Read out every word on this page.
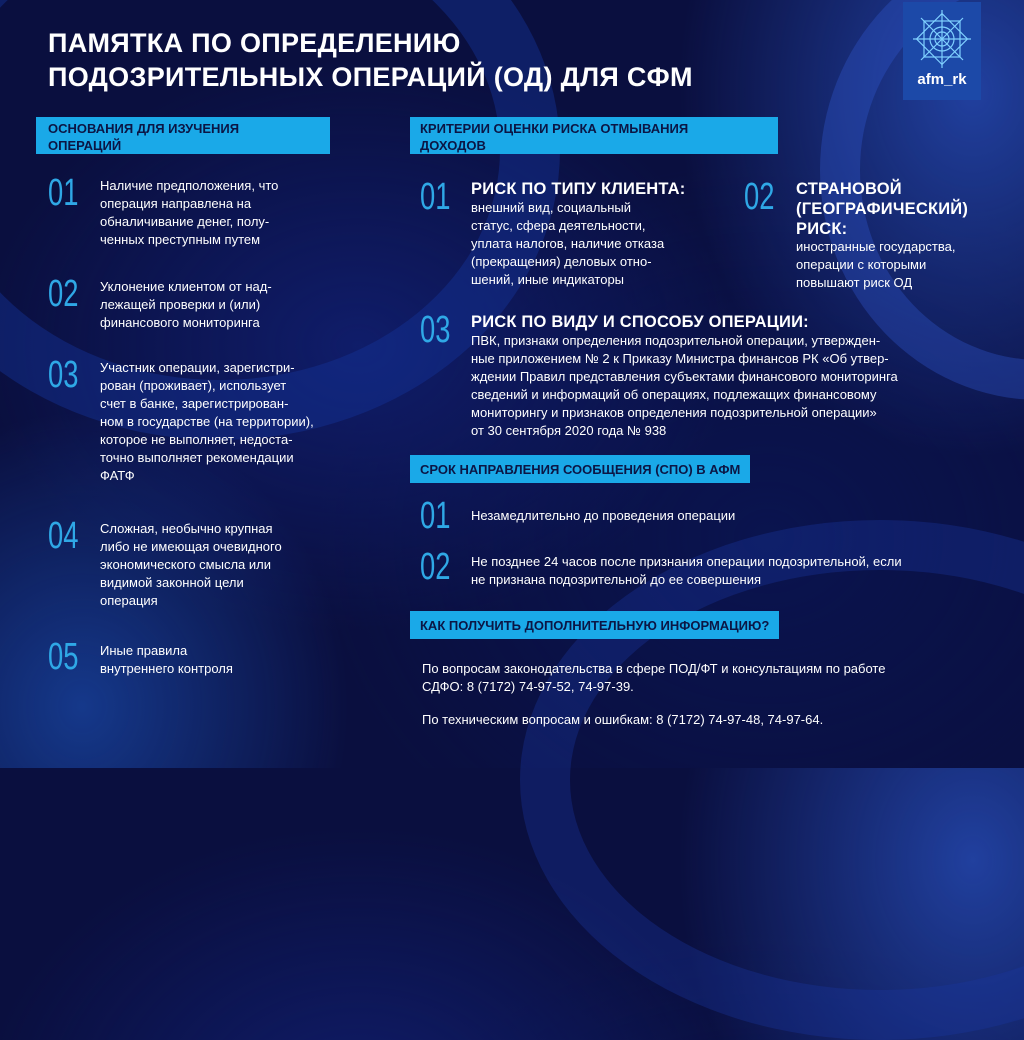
ПАМЯТКА ПО ОПРЕДЕЛЕНИЮ
ПОДОЗРИТЕЛЬНЫХ ОПЕРАЦИЙ (ОД) ДЛЯ СФМ	afm_rk
ОСНОВАНИЯ ДЛЯ ИЗУЧЕНИЯ
ОПЕРАЦИЙ
01 Наличие предположения, что
операция направлена на
обналичивание денег, полу-
ченных преступным путем
02 Уклонение клиентом от над-
лежащей проверки и (или)
финансового мониторинга
03 Участник операции, зарегистри-
рован (проживает), использует
счет в банке, зарегистрирован-
ном в государстве (на территории),
которое не выполняет, недоста-
точно выполняет рекомендации
ФАТФ
04 Сложная, необычно крупная
либо не имеющая очевидного
экономического смысла или
видимой законной цели
операция
05 Иные правила
внутреннего контроля
КРИТЕРИИ ОЦЕНКИ РИСКА ОТМЫВАНИЯ
ДОХОДОВ
01 РИСК ПО ТИПУ КЛИЕНТА:
внешний вид, социальный
статус, сфера деятельности,
уплата налогов, наличие отказа
(прекращения) деловых отно-
шений, иные индикаторы
02 СТРАНОВОЙ
(ГЕОГРАФИЧЕСКИЙ)
РИСК:
иностранные государства,
операции с которыми
повышают риск ОД
03 РИСК ПО ВИДУ И СПОСОБУ ОПЕРАЦИИ:
ПВК, признаки определения подозрительной операции, утвержден-
ные приложением № 2 к Приказу Министра финансов РК «Об утвер-
ждении Правил представления субъектами финансового мониторинга
сведений и информаций об операциях, подлежащих финансовому
мониторингу и признаков определения подозрительной операции»
от 30 сентября 2020 года № 938
СРОК НАПРАВЛЕНИЯ СООБЩЕНИЯ (СПО) В АФМ
01 Незамедлительно до проведения операции
02 Не позднее 24 часов после признания операции подозрительной, если
не признана подозрительной до ее совершения
КАК ПОЛУЧИТЬ ДОПОЛНИТЕЛЬНУЮ ИНФОРМАЦИЮ?
По вопросам законодательства в сфере ПОД/ФТ и консультациям по работе
СДФО: 8 (7172) 74-97-52, 74-97-39.
По техническим вопросам и ошибкам: 8 (7172) 74-97-48, 74-97-64.
